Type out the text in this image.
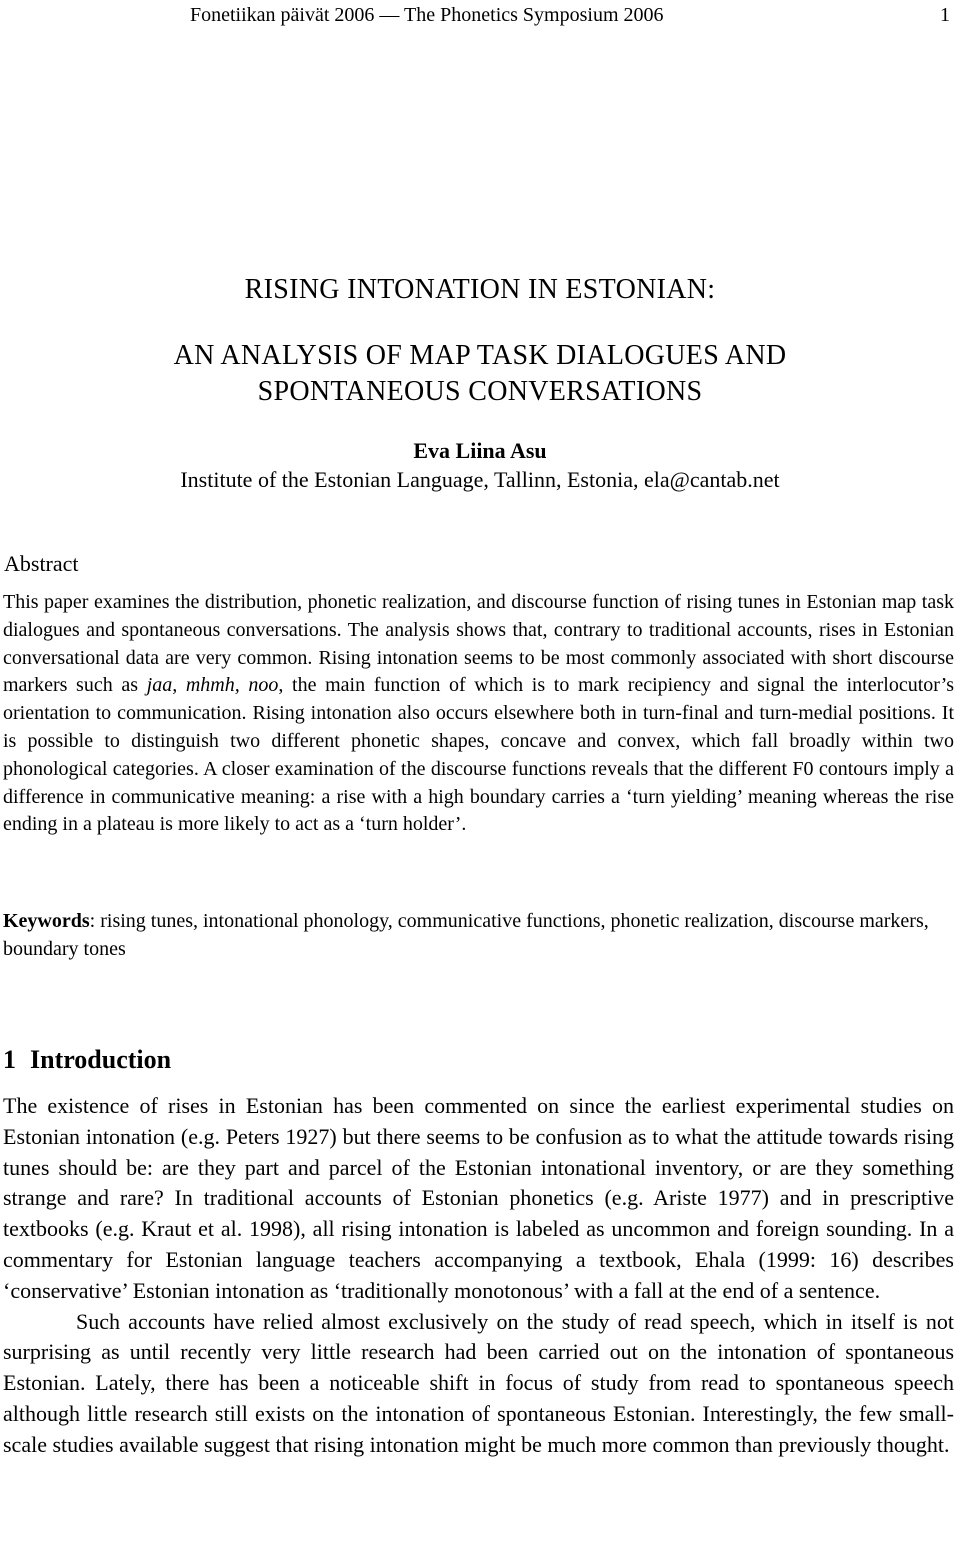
Fonetiikan päivät 2006 — The Phonetics Symposium 2006	1
RISING INTONATION IN ESTONIAN:
AN ANALYSIS OF MAP TASK DIALOGUES AND
SPONTANEOUS CONVERSATIONS
Eva Liina Asu
Institute of the Estonian Language, Tallinn, Estonia, ela@cantab.net
Abstract

This paper examines the distribution, phonetic realization, and discourse function of rising tunes in Estonian map task dialogues and spontaneous conversations. The analysis shows that, contrary to traditional accounts, rises in Estonian conversational data are very common. Rising intonation seems to be most commonly associated with short discourse markers such as jaa, mhmh, noo, the main function of which is to mark recipiency and signal the interlocutor’s orientation to communication. Rising intonation also occurs elsewhere both in turn-final and turn-medial positions. It is possible to distinguish two different phonetic shapes, concave and convex, which fall broadly within two phonological categories. A closer examination of the discourse functions reveals that the different F0 contours imply a difference in communicative meaning: a rise with a high boundary carries a ‘turn yielding’ meaning whereas the rise ending in a plateau is more likely to act as a ‘turn holder’.

Keywords: rising tunes, intonational phonology, communicative functions, phonetic realization, discourse markers, boundary tones
1 Introduction

The existence of rises in Estonian has been commented on since the earliest experimental studies on Estonian intonation (e.g. Peters 1927) but there seems to be confusion as to what the attitude towards rising tunes should be: are they part and parcel of the Estonian intonational inventory, or are they something strange and rare? In traditional accounts of Estonian phonetics (e.g. Ariste 1977) and in prescriptive textbooks (e.g. Kraut et al. 1998), all rising intonation is labeled as uncommon and foreign sounding. In a commentary for Estonian language teachers accompanying a textbook, Ehala (1999: 16) describes ‘conservative’ Estonian intonation as ‘traditionally monotonous’ with a fall at the end of a sentence.

Such accounts have relied almost exclusively on the study of read speech, which in itself is not surprising as until recently very little research had been carried out on the intonation of spontaneous Estonian. Lately, there has been a noticeable shift in focus of study from read to spontaneous speech although little research still exists on the intonation of spontaneous Estonian. Interestingly, the few small-scale studies available suggest that rising intonation might be much more common than previously thought.
